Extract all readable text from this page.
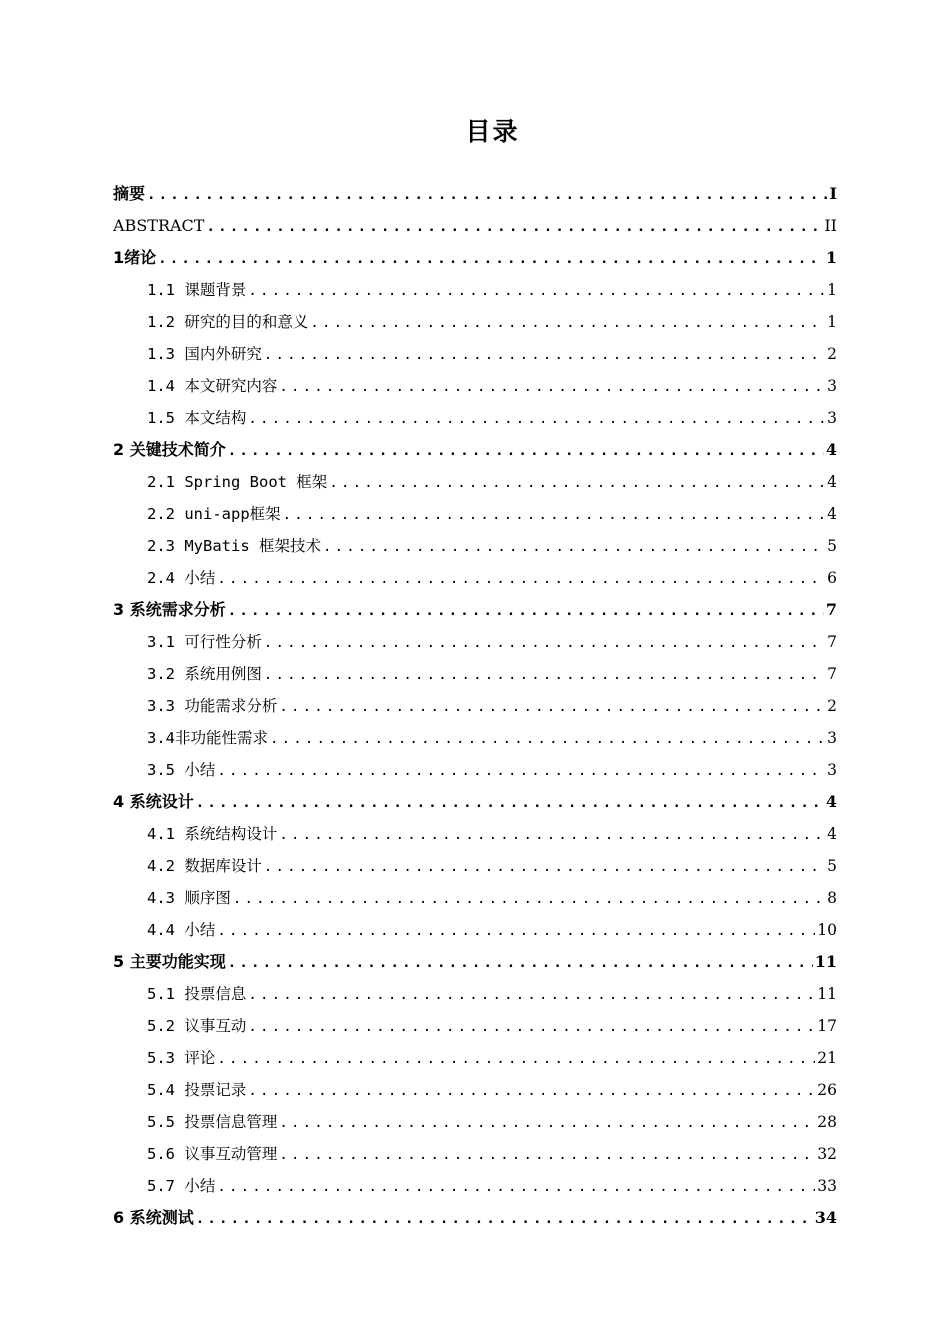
目录
摘要 .....	I
ABSTRACT .....	II
1绪论 .....	1
1.1 课题背景 .....	1
1.2 研究的目的和意义 .....	1
1.3 国内外研究 .....	2
1.4 本文研究内容 .....	3
1.5 本文结构 .....	3
2 关键技术简介 .....	4
2.1 Spring Boot 框架 .....	4
2.2 uni-app框架 .....	4
2.3 MyBatis 框架技术 .....	5
2.4 小结 .....	6
3 系统需求分析 .....	7
3.1 可行性分析 .....	7
3.2 系统用例图 .....	7
3.3 功能需求分析 .....	2
3.4非功能性需求 .....	3
3.5 小结 .....	3
4 系统设计 .....	4
4.1 系统结构设计 .....	4
4.2 数据库设计 .....	5
4.3 顺序图 .....	8
4.4 小结 .....	10
5 主要功能实现 .....	11
5.1 投票信息 .....	11
5.2 议事互动 .....	17
5.3 评论 .....	21
5.4 投票记录 .....	26
5.5 投票信息管理 .....	28
5.6 议事互动管理 .....	32
5.7 小结 .....	33
6 系统测试 .....	34
